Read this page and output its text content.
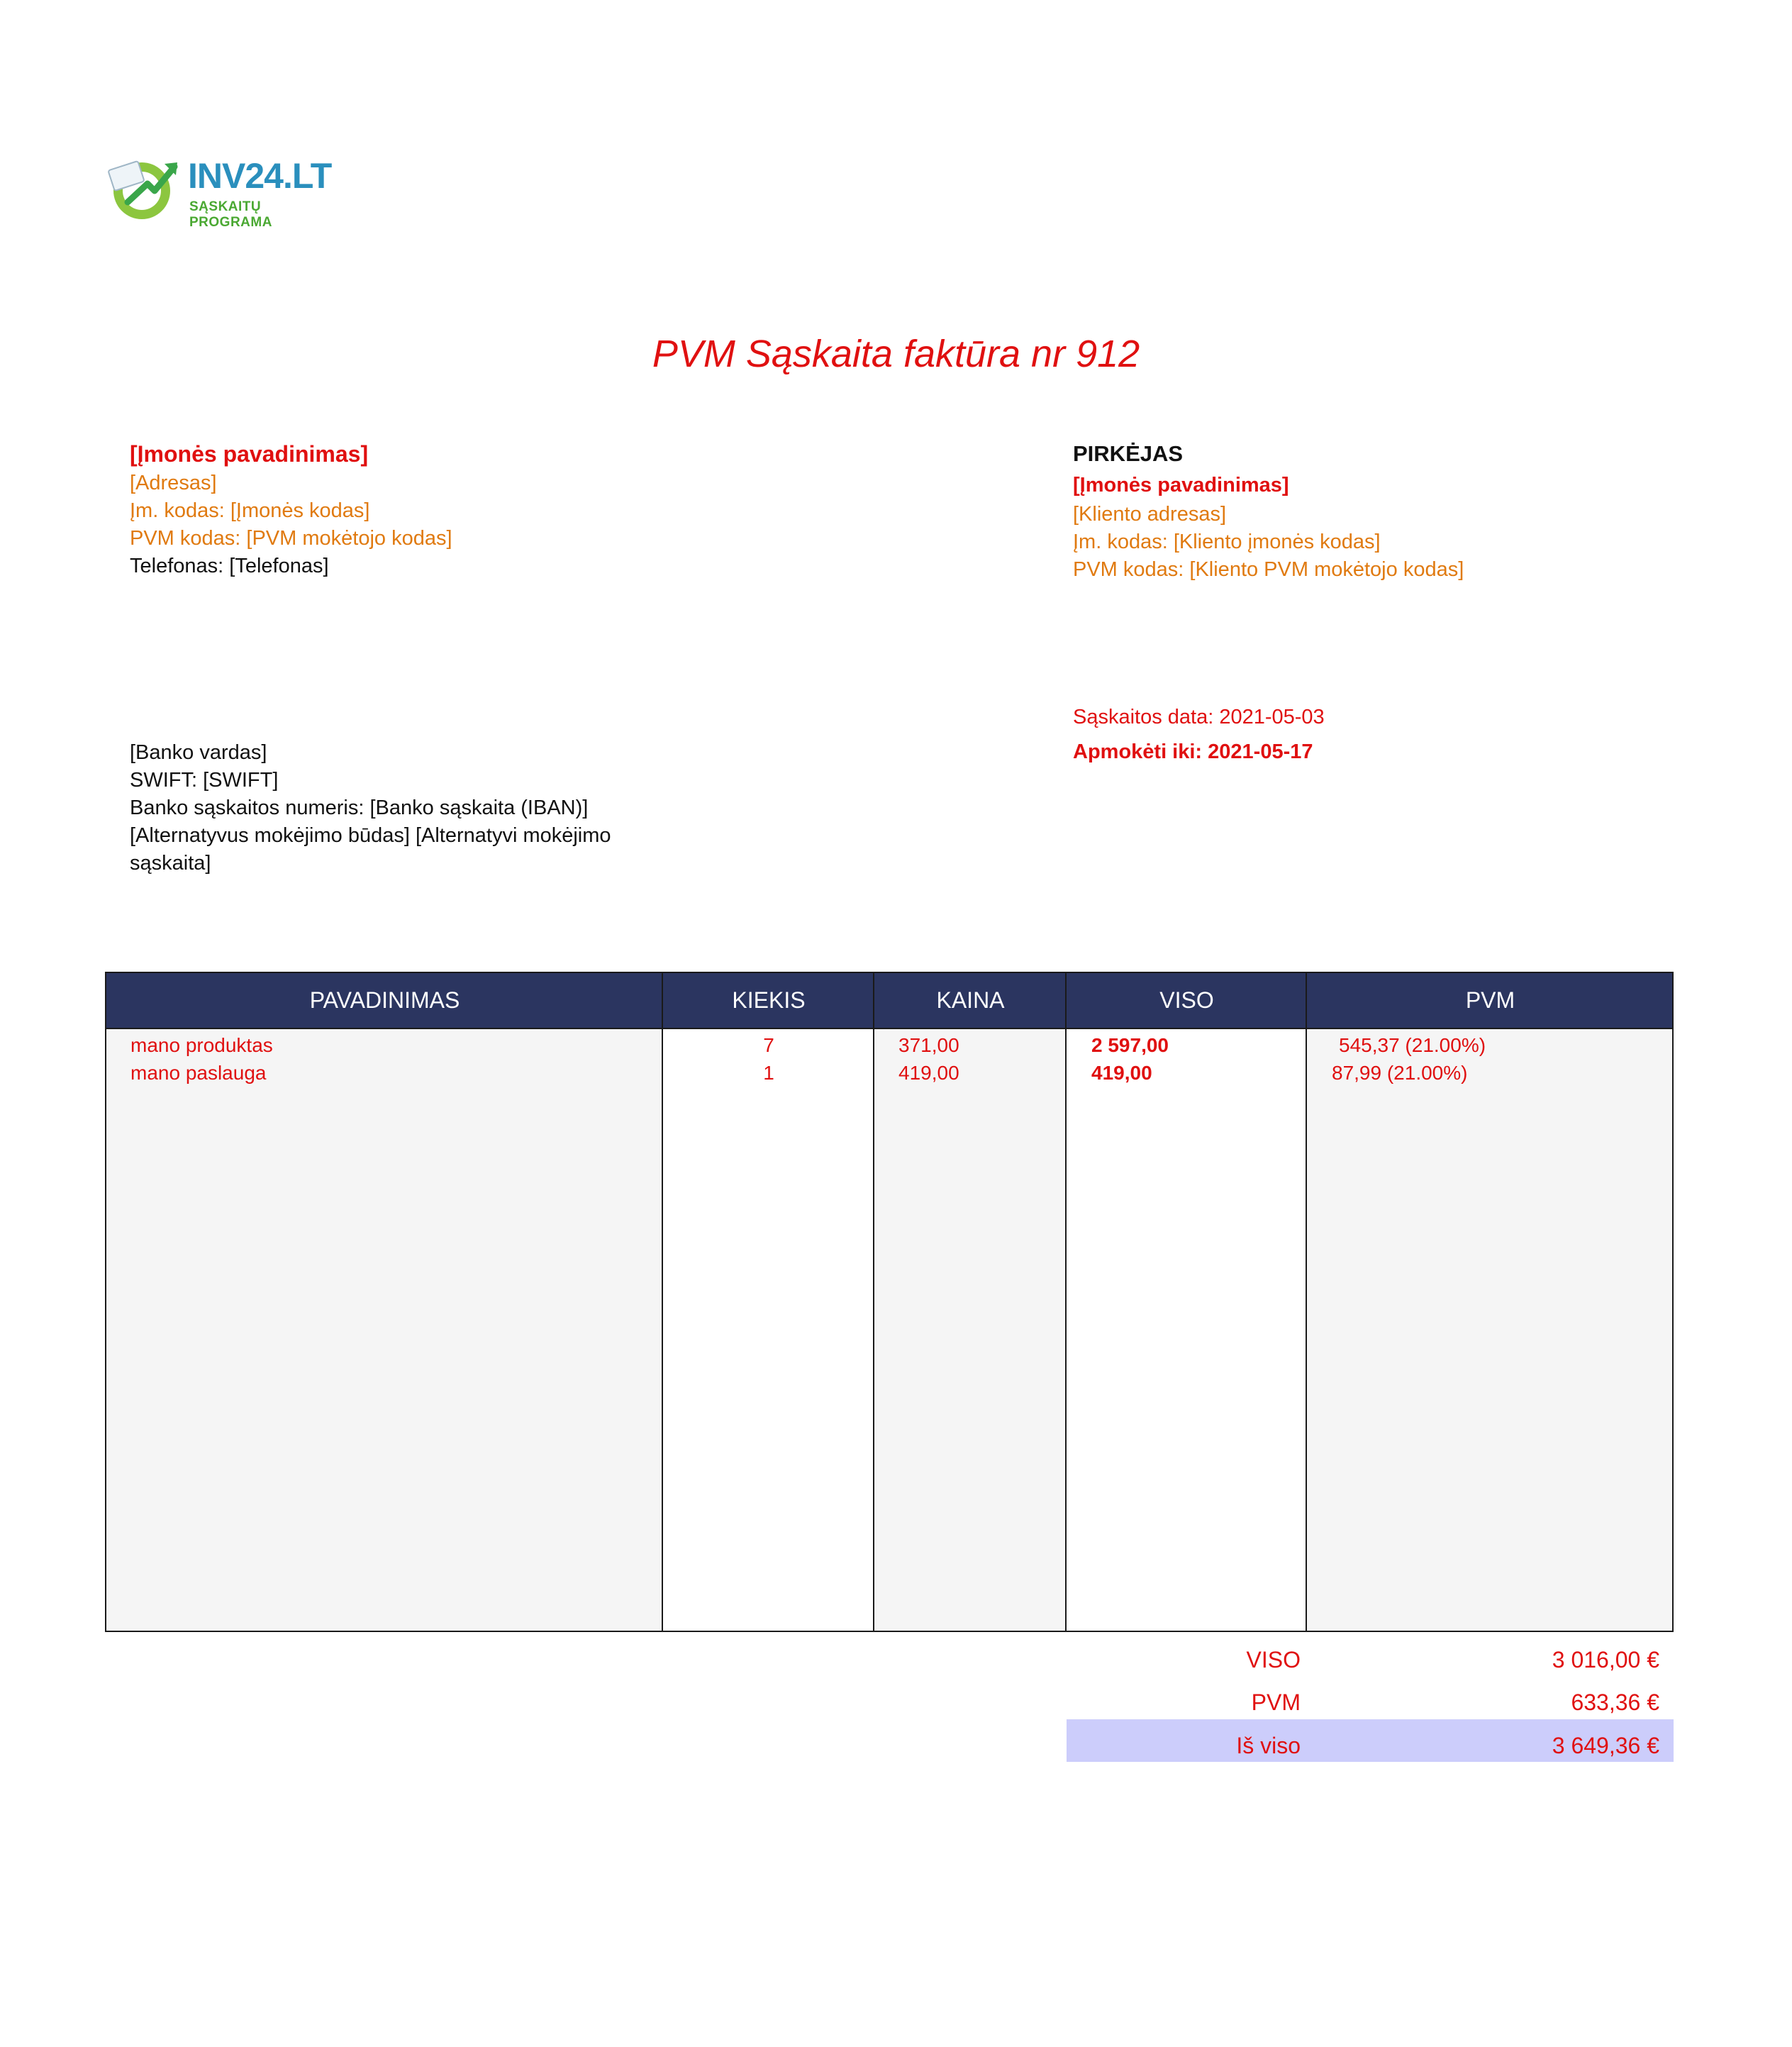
INV24.LT
SĄSKAITŲ PROGRAMA
PVM Sąskaita faktūra nr 912
[Įmonės pavadinimas]
[Adresas]
Įm. kodas: [Įmonės kodas]
PVM kodas: [PVM mokėtojo kodas]
Telefonas: [Telefonas]
PIRKĖJAS
[Įmonės pavadinimas]
[Kliento adresas]
Įm. kodas: [Kliento įmonės kodas]
PVM kodas: [Kliento PVM mokėtojo kodas]
[Banko vardas]
SWIFT: [SWIFT]
Banko sąskaitos numeris: [Banko sąskaita (IBAN)]
[Alternatyvus mokėjimo būdas] [Alternatyvi mokėjimo
sąskaita]
Sąskaitos data: 2021-05-03
Apmokėti iki: 2021-05-17
PAVADINIMAS	KIEKIS	KAINA	VISO	PVM
mano produktas	7	371,00	2 597,00	545,37 (21.00%)
mano paslauga	1	419,00	419,00	87,99 (21.00%)
VISO	3 016,00 €
PVM	633,36 €
Iš viso	3 649,36 €
